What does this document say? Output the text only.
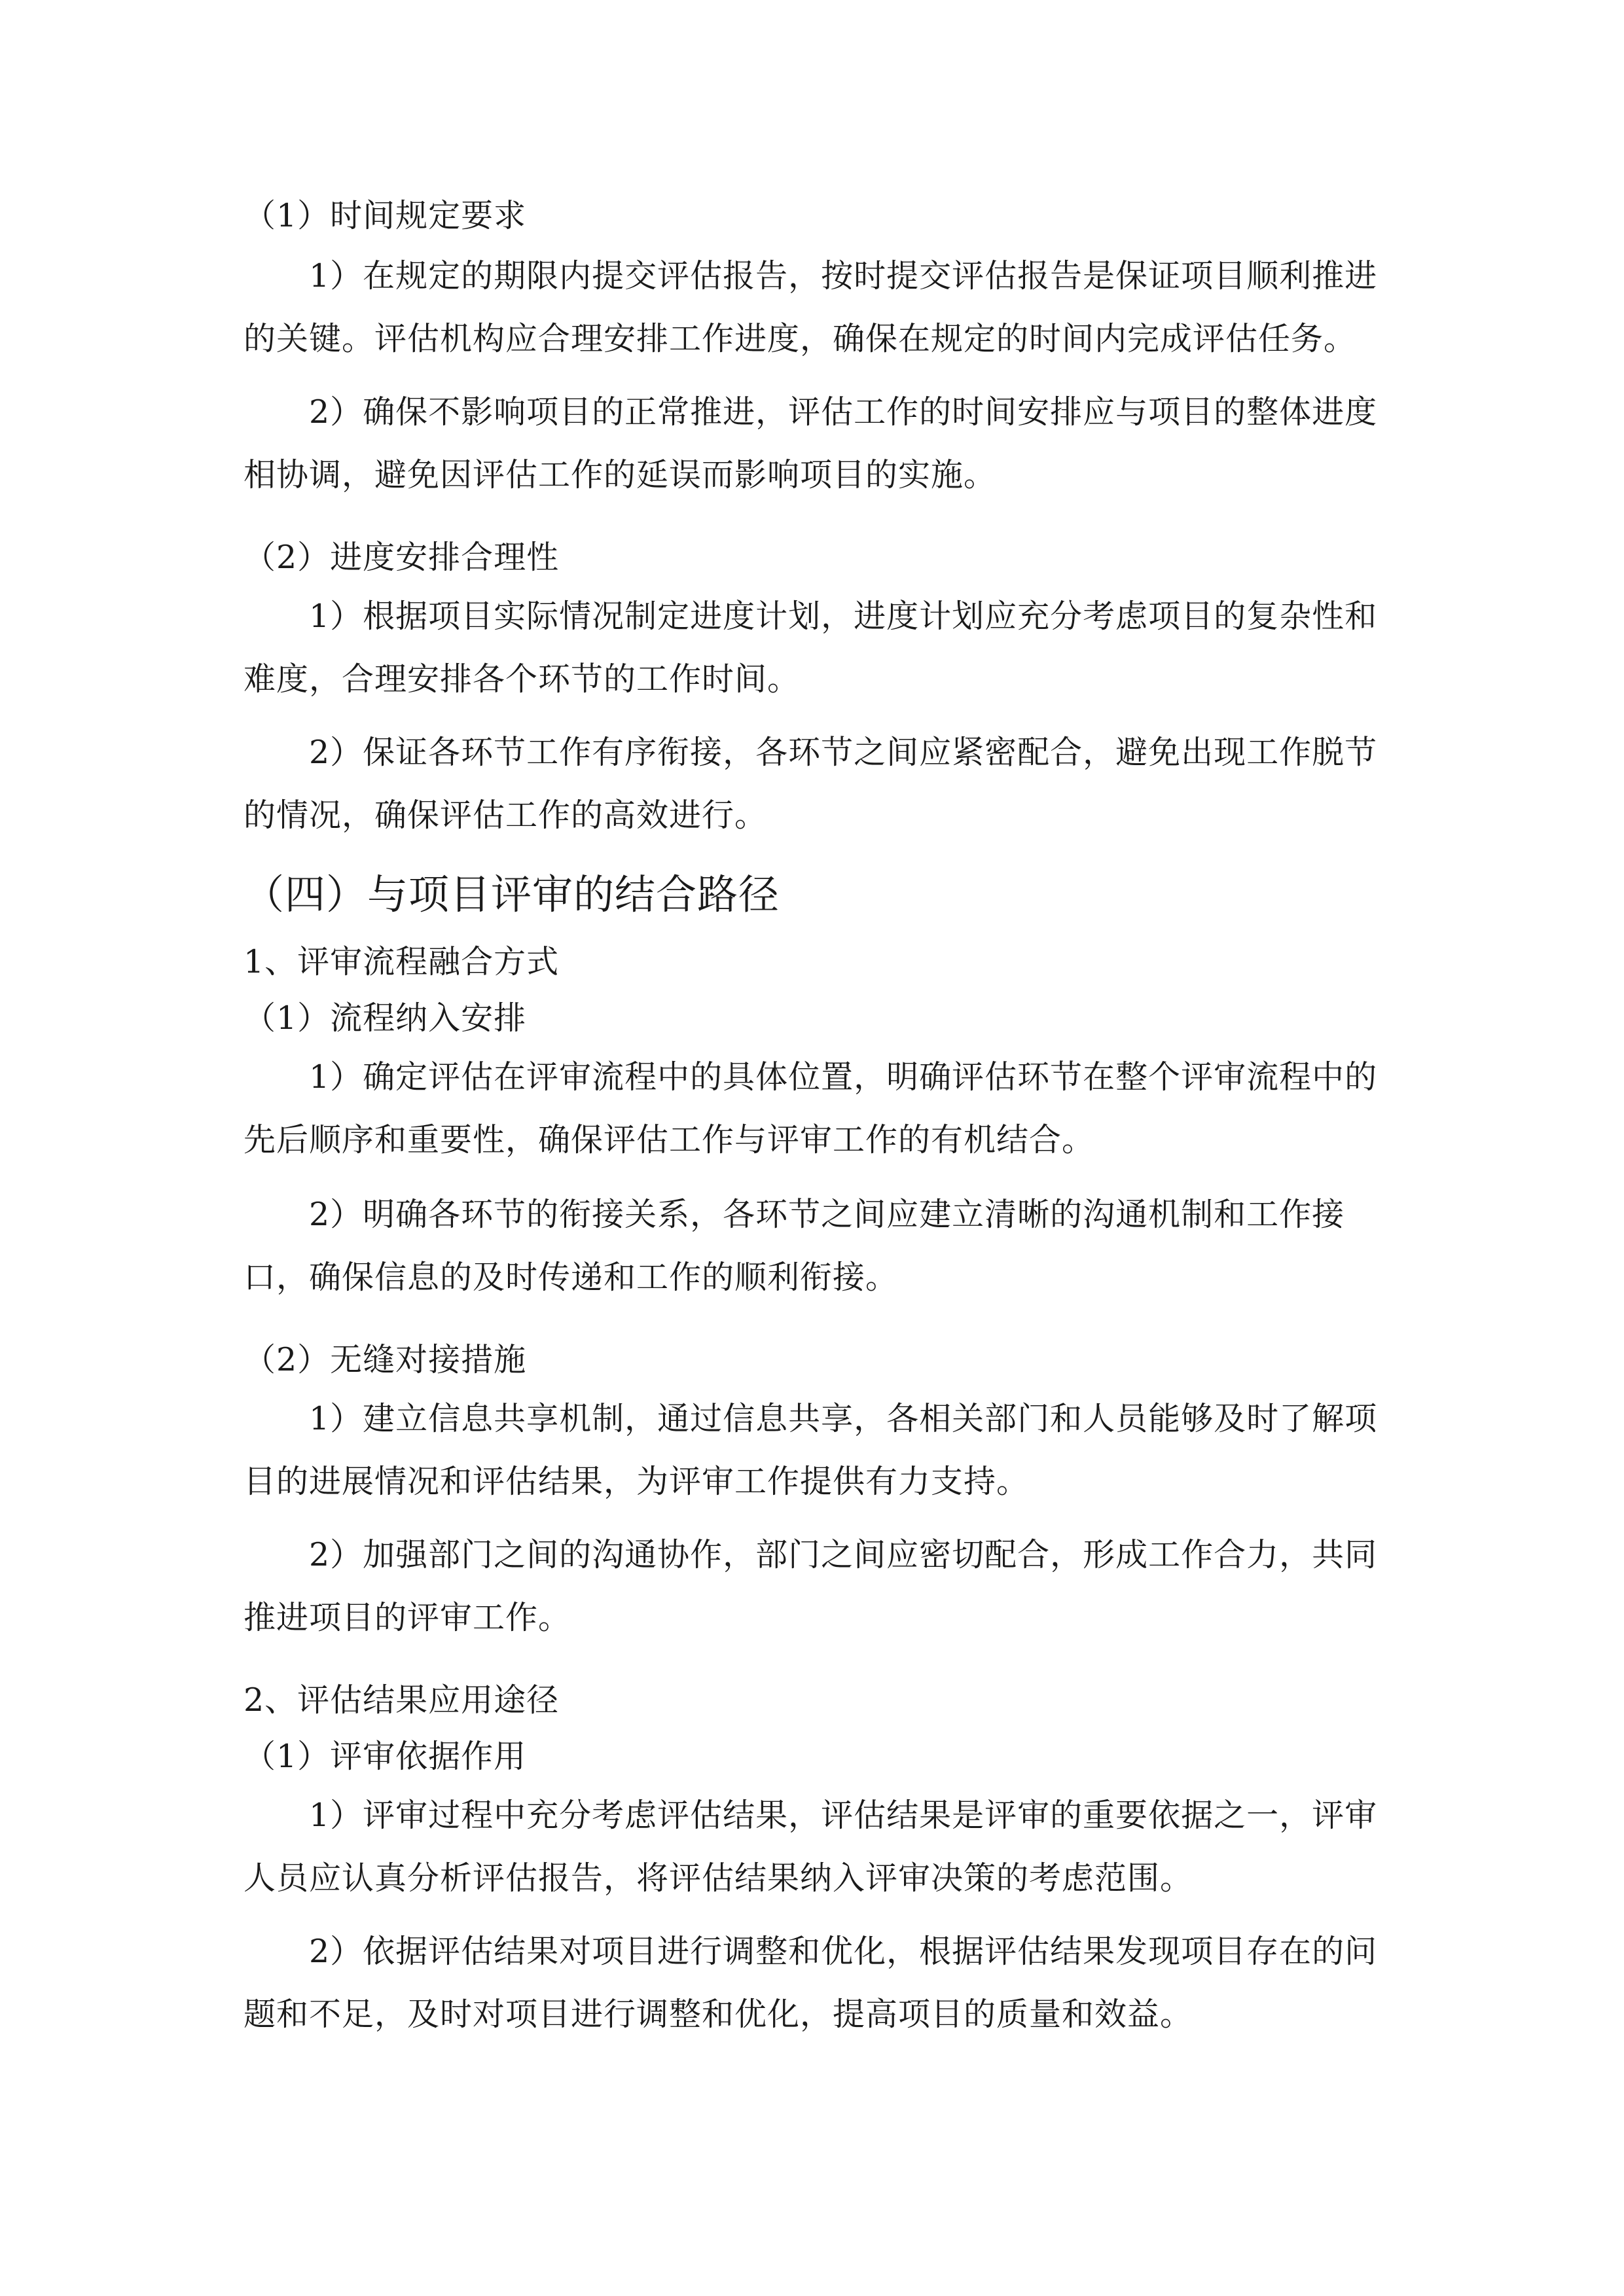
（1）时间规定要求
1）在规定的期限内提交评估报告，按时提交评估报告是保证项目顺利推进
的关键。评估机构应合理安排工作进度，确保在规定的时间内完成评估任务。
2）确保不影响项目的正常推进，评估工作的时间安排应与项目的整体进度
相协调，避免因评估工作的延误而影响项目的实施。
（2）进度安排合理性
1）根据项目实际情况制定进度计划，进度计划应充分考虑项目的复杂性和
难度，合理安排各个环节的工作时间。
2）保证各环节工作有序衔接，各环节之间应紧密配合，避免出现工作脱节
的情况，确保评估工作的高效进行。
（四）与项目评审的结合路径
1、评审流程融合方式
（1）流程纳入安排
1）确定评估在评审流程中的具体位置，明确评估环节在整个评审流程中的
先后顺序和重要性，确保评估工作与评审工作的有机结合。
2）明确各环节的衔接关系，各环节之间应建立清晰的沟通机制和工作接
口，确保信息的及时传递和工作的顺利衔接。
（2）无缝对接措施
1）建立信息共享机制，通过信息共享，各相关部门和人员能够及时了解项
目的进展情况和评估结果，为评审工作提供有力支持。
2）加强部门之间的沟通协作，部门之间应密切配合，形成工作合力，共同
推进项目的评审工作。
2、评估结果应用途径
（1）评审依据作用
1）评审过程中充分考虑评估结果，评估结果是评审的重要依据之一，评审
人员应认真分析评估报告，将评估结果纳入评审决策的考虑范围。
2）依据评估结果对项目进行调整和优化，根据评估结果发现项目存在的问
题和不足，及时对项目进行调整和优化，提高项目的质量和效益。
